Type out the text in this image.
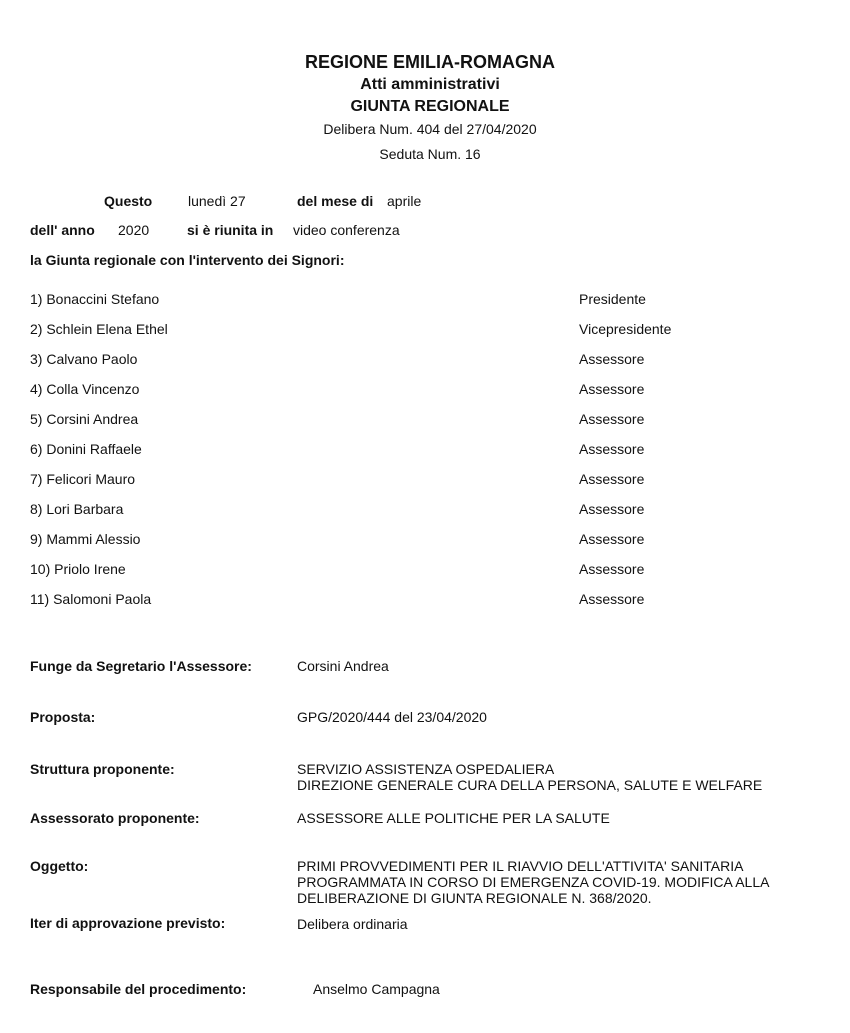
REGIONE EMILIA-ROMAGNA
Atti amministrativi
GIUNTA REGIONALE
Delibera Num. 404 del 27/04/2020
Seduta Num. 16
Questo	lunedì 27	del mese di aprile
dell' anno 2020	si è riunita in video conferenza
la Giunta regionale con l'intervento dei Signori:
1) Bonaccini Stefano	Presidente
2) Schlein Elena Ethel	Vicepresidente
3) Calvano Paolo	Assessore
4) Colla Vincenzo	Assessore
5) Corsini Andrea	Assessore
6) Donini Raffaele	Assessore
7) Felicori Mauro	Assessore
8) Lori Barbara	Assessore
9) Mammi Alessio	Assessore
10) Priolo Irene	Assessore
11) Salomoni Paola	Assessore
Funge da Segretario l'Assessore:	Corsini Andrea
Proposta:	GPG/2020/444 del 23/04/2020
Struttura proponente:	SERVIZIO ASSISTENZA OSPEDALIERA
DIREZIONE GENERALE CURA DELLA PERSONA, SALUTE E WELFARE
Assessorato proponente:	ASSESSORE ALLE POLITICHE PER LA SALUTE
Oggetto:	PRIMI PROVVEDIMENTI PER IL RIAVVIO DELL'ATTIVITA' SANITARIA
PROGRAMMATA IN CORSO DI EMERGENZA COVID-19. MODIFICA ALLA
DELIBERAZIONE DI GIUNTA REGIONALE N. 368/2020.
Iter di approvazione previsto:	Delibera ordinaria
Responsabile del procedimento:	Anselmo Campagna
